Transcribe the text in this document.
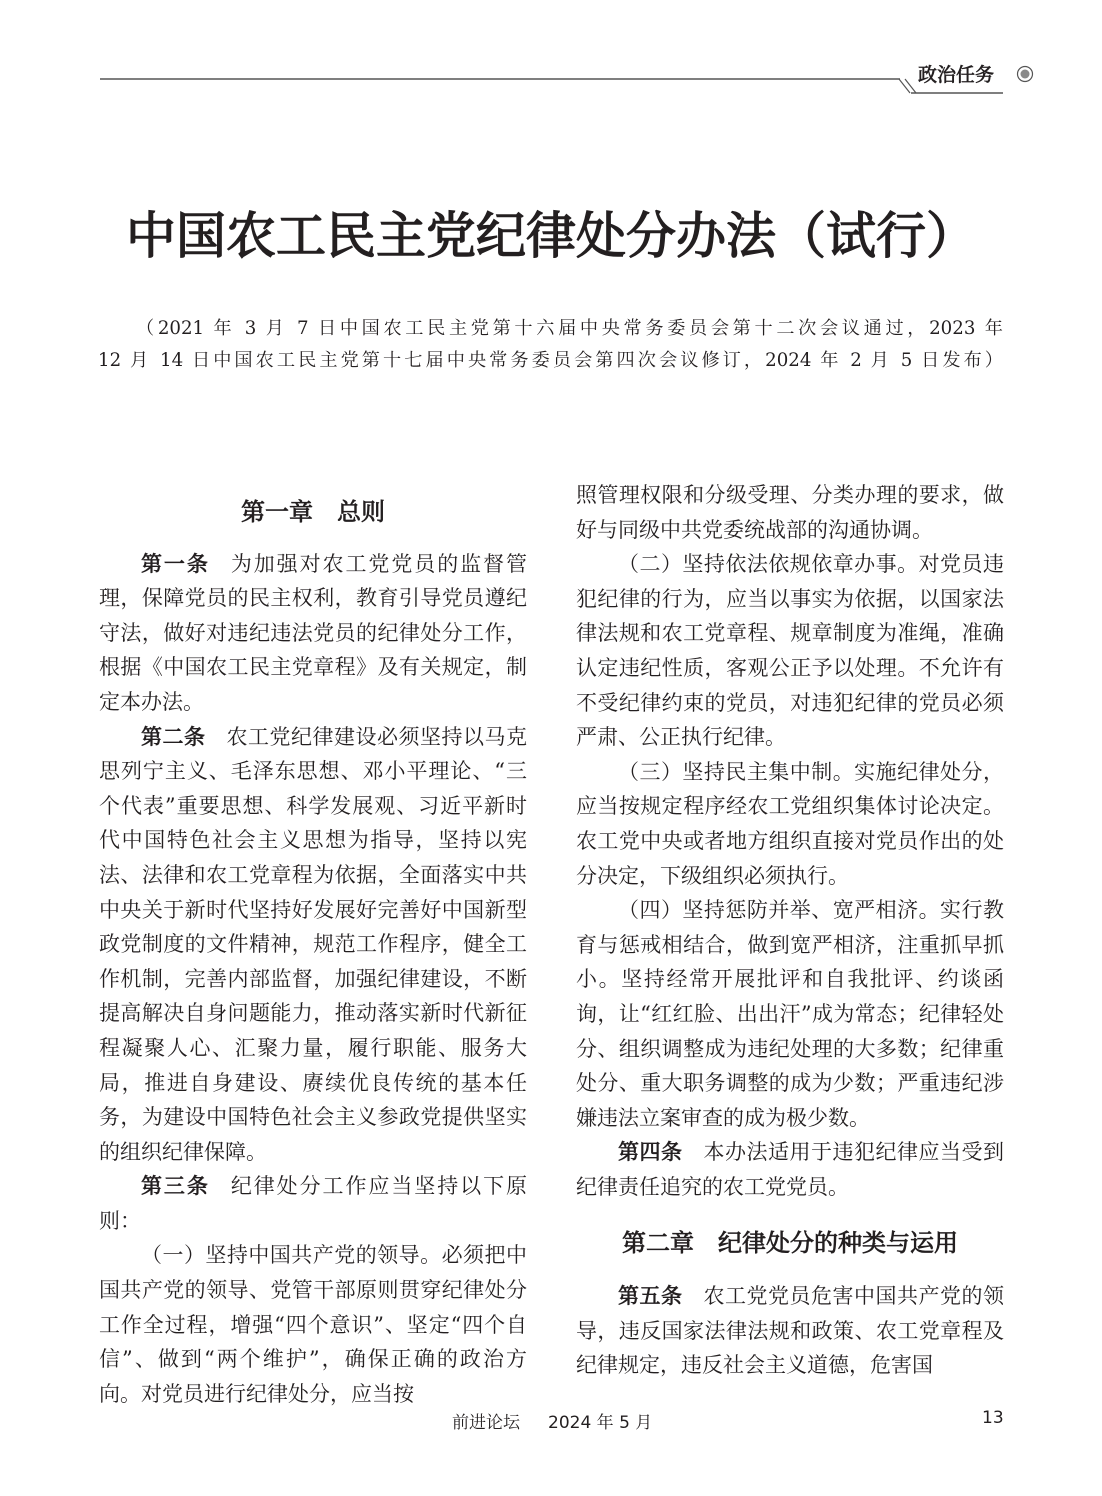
政治任务
中国农工民主党纪律处分办法（试行）
（2021 年 3 月 7 日中国农工民主党第十六届中央常务委员会第十二次会议通过，2023 年
12 月 14 日中国农工民主党第十七届中央常务委员会第四次会议修订，2024 年 2 月 5 日发布）
第一章　总则

第一条 为加强对农工党党员的监督管理，保障党员的民主权利，教育引导党员遵纪守法，做好对违纪违法党员的纪律处分工作，根据《中国农工民主党章程》及有关规定，制定本办法。

第二条 农工党纪律建设必须坚持以马克思列宁主义、毛泽东思想、邓小平理论、“三个代表”重要思想、科学发展观、习近平新时代中国特色社会主义思想为指导，坚持以宪法、法律和农工党章程为依据，全面落实中共中央关于新时代坚持好发展好完善好中国新型政党制度的文件精神，规范工作程序，健全工作机制，完善内部监督，加强纪律建设，不断提高解决自身问题能力，推动落实新时代新征程凝聚人心、汇聚力量，履行职能、服务大局，推进自身建设、赓续优良传统的基本任务，为建设中国特色社会主义参政党提供坚实的组织纪律保障。

第三条 纪律处分工作应当坚持以下原则：

（一）坚持中国共产党的领导。必须把中国共产党的领导、党管干部原则贯穿纪律处分工作全过程，增强“四个意识”、坚定“四个自信”、做到“两个维护”，确保正确的政治方向。对党员进行纪律处分，应当按

照管理权限和分级受理、分类办理的要求，做好与同级中共党委统战部的沟通协调。

（二）坚持依法依规依章办事。对党员违犯纪律的行为，应当以事实为依据，以国家法律法规和农工党章程、规章制度为准绳，准确认定违纪性质，客观公正予以处理。不允许有不受纪律约束的党员，对违犯纪律的党员必须严肃、公正执行纪律。

（三）坚持民主集中制。实施纪律处分，应当按规定程序经农工党组织集体讨论决定。农工党中央或者地方组织直接对党员作出的处分决定，下级组织必须执行。

（四）坚持惩防并举、宽严相济。实行教育与惩戒相结合，做到宽严相济，注重抓早抓小。坚持经常开展批评和自我批评、约谈函询，让“红红脸、出出汗”成为常态；纪律轻处分、组织调整成为违纪处理的大多数；纪律重处分、重大职务调整的成为少数；严重违纪涉嫌违法立案审查的成为极少数。

第四条 本办法适用于违犯纪律应当受到纪律责任追究的农工党党员。

第二章　纪律处分的种类与运用

第五条 农工党党员危害中国共产党的领导，违反国家法律法规和政策、农工党章程及纪律规定，违反社会主义道德，危害国

前进论坛 2024 年 5 月	13
